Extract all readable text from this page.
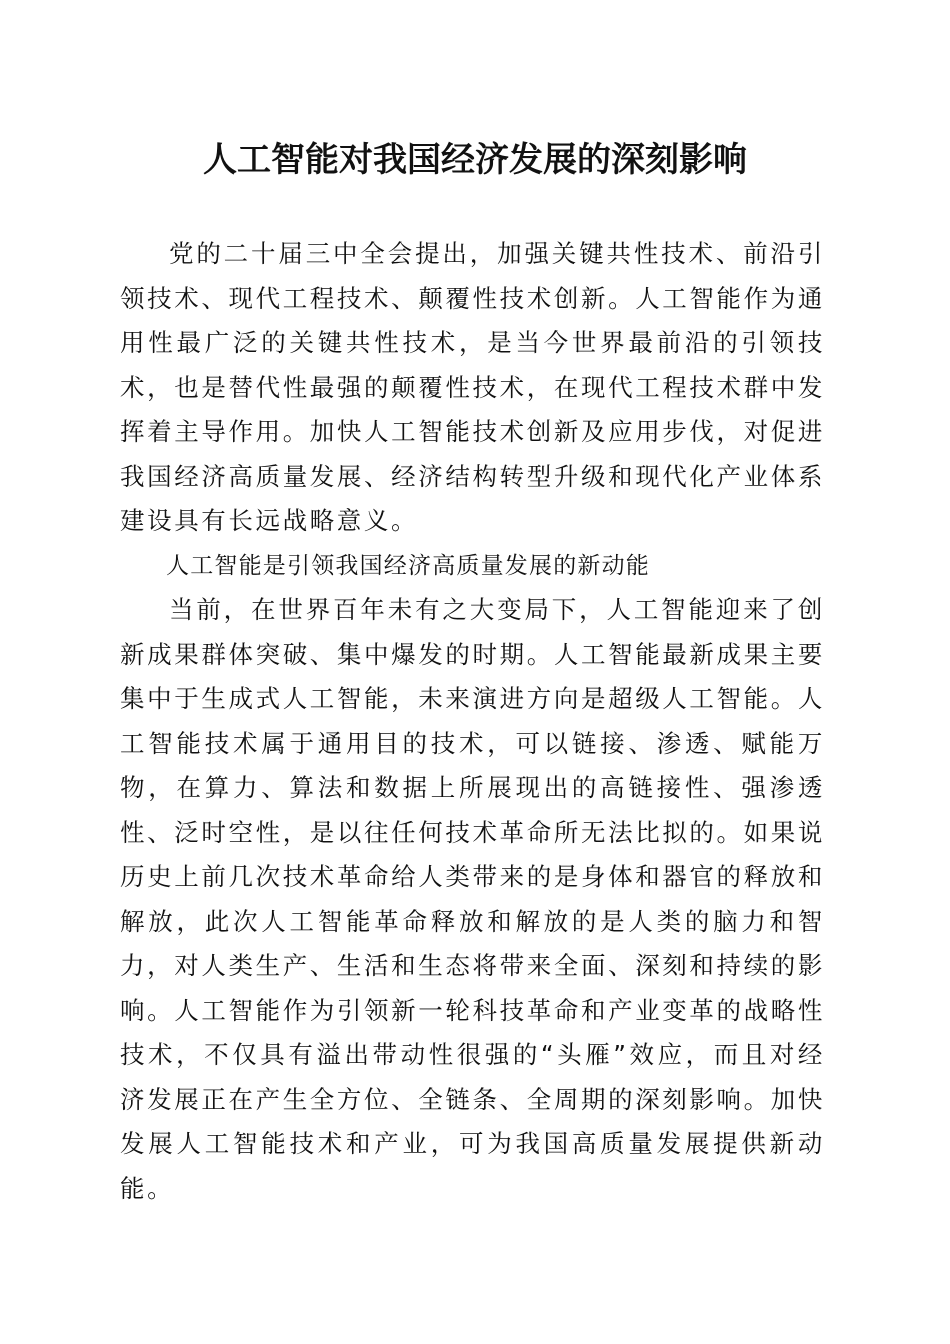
人工智能对我国经济发展的深刻影响

党的二十届三中全会提出，加强关键共性技术、前沿引领技术、现代工程技术、颠覆性技术创新。人工智能作为通用性最广泛的关键共性技术，是当今世界最前沿的引领技术，也是替代性最强的颠覆性技术，在现代工程技术群中发挥着主导作用。加快人工智能技术创新及应用步伐，对促进我国经济高质量发展、经济结构转型升级和现代化产业体系建设具有长远战略意义。

人工智能是引领我国经济高质量发展的新动能

当前，在世界百年未有之大变局下，人工智能迎来了创新成果群体突破、集中爆发的时期。人工智能最新成果主要集中于生成式人工智能，未来演进方向是超级人工智能。人工智能技术属于通用目的技术，可以链接、渗透、赋能万物，在算力、算法和数据上所展现出的高链接性、强渗透性、泛时空性，是以往任何技术革命所无法比拟的。如果说历史上前几次技术革命给人类带来的是身体和器官的释放和解放，此次人工智能革命释放和解放的是人类的脑力和智力，对人类生产、生活和生态将带来全面、深刻和持续的影响。人工智能作为引领新一轮科技革命和产业变革的战略性技术，不仅具有溢出带动性很强的“头雁”效应，而且对经济发展正在产生全方位、全链条、全周期的深刻影响。加快发展人工智能技术和产业，可为我国高质量发展提供新动能。
